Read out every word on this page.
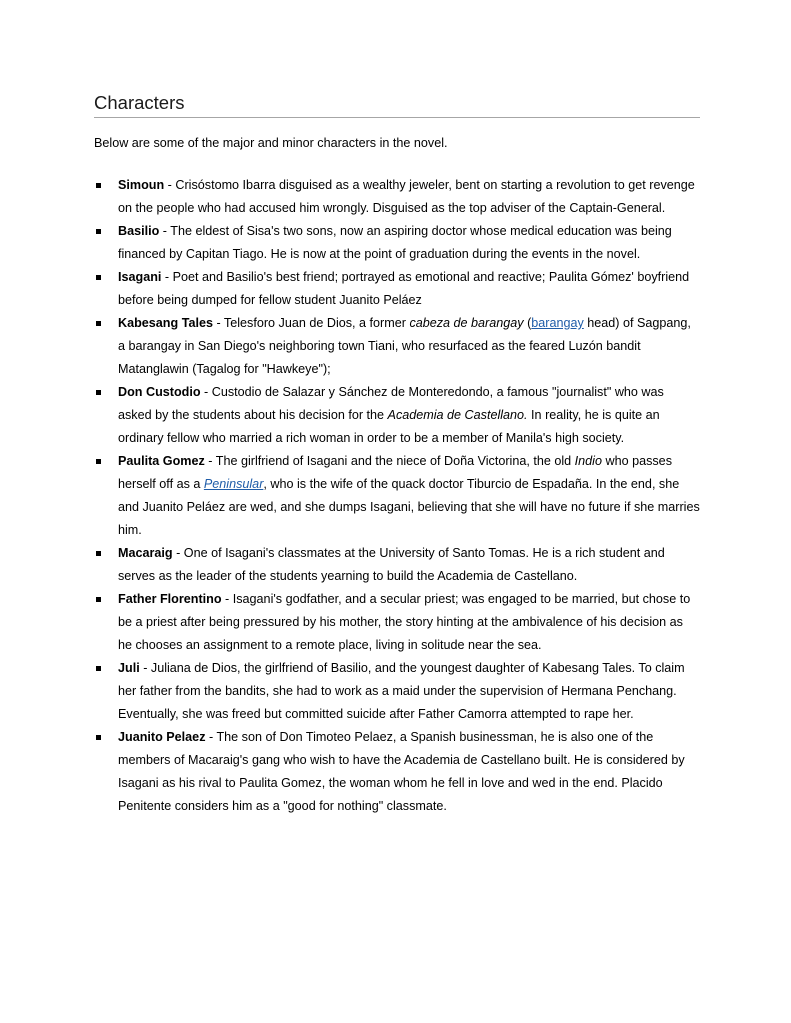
Characters

Below are some of the major and minor characters in the novel.

Simoun - Crisóstomo Ibarra disguised as a wealthy jeweler, bent on starting a revolution to get revenge on the people who had accused him wrongly. Disguised as the top adviser of the Captain-General.
Basilio - The eldest of Sisa's two sons, now an aspiring doctor whose medical education was being financed by Capitan Tiago. He is now at the point of graduation during the events in the novel.
Isagani - Poet and Basilio's best friend; portrayed as emotional and reactive; Paulita Gómez' boyfriend before being dumped for fellow student Juanito Peláez
Kabesang Tales - Telesforo Juan de Dios, a former cabeza de barangay (barangay head) of Sagpang, a barangay in San Diego's neighboring town Tiani, who resurfaced as the feared Luzón bandit Matanglawin (Tagalog for "Hawkeye");
Don Custodio - Custodio de Salazar y Sánchez de Monteredondo, a famous "journalist" who was asked by the students about his decision for the Academia de Castellano. In reality, he is quite an ordinary fellow who married a rich woman in order to be a member of Manila's high society.
Paulita Gomez - The girlfriend of Isagani and the niece of Doña Victorina, the old Indio who passes herself off as a Peninsular, who is the wife of the quack doctor Tiburcio de Espadaña. In the end, she and Juanito Peláez are wed, and she dumps Isagani, believing that she will have no future if she marries him.
Macaraig - One of Isagani's classmates at the University of Santo Tomas. He is a rich student and serves as the leader of the students yearning to build the Academia de Castellano.
Father Florentino - Isagani's godfather, and a secular priest; was engaged to be married, but chose to be a priest after being pressured by his mother, the story hinting at the ambivalence of his decision as he chooses an assignment to a remote place, living in solitude near the sea.
Juli - Juliana de Dios, the girlfriend of Basilio, and the youngest daughter of Kabesang Tales. To claim her father from the bandits, she had to work as a maid under the supervision of Hermana Penchang. Eventually, she was freed but committed suicide after Father Camorra attempted to rape her.
Juanito Pelaez - The son of Don Timoteo Pelaez, a Spanish businessman, he is also one of the members of Macaraig's gang who wish to have the Academia de Castellano built. He is considered by Isagani as his rival to Paulita Gomez, the woman whom he fell in love and wed in the end. Placido Penitente considers him as a "good for nothing" classmate.
